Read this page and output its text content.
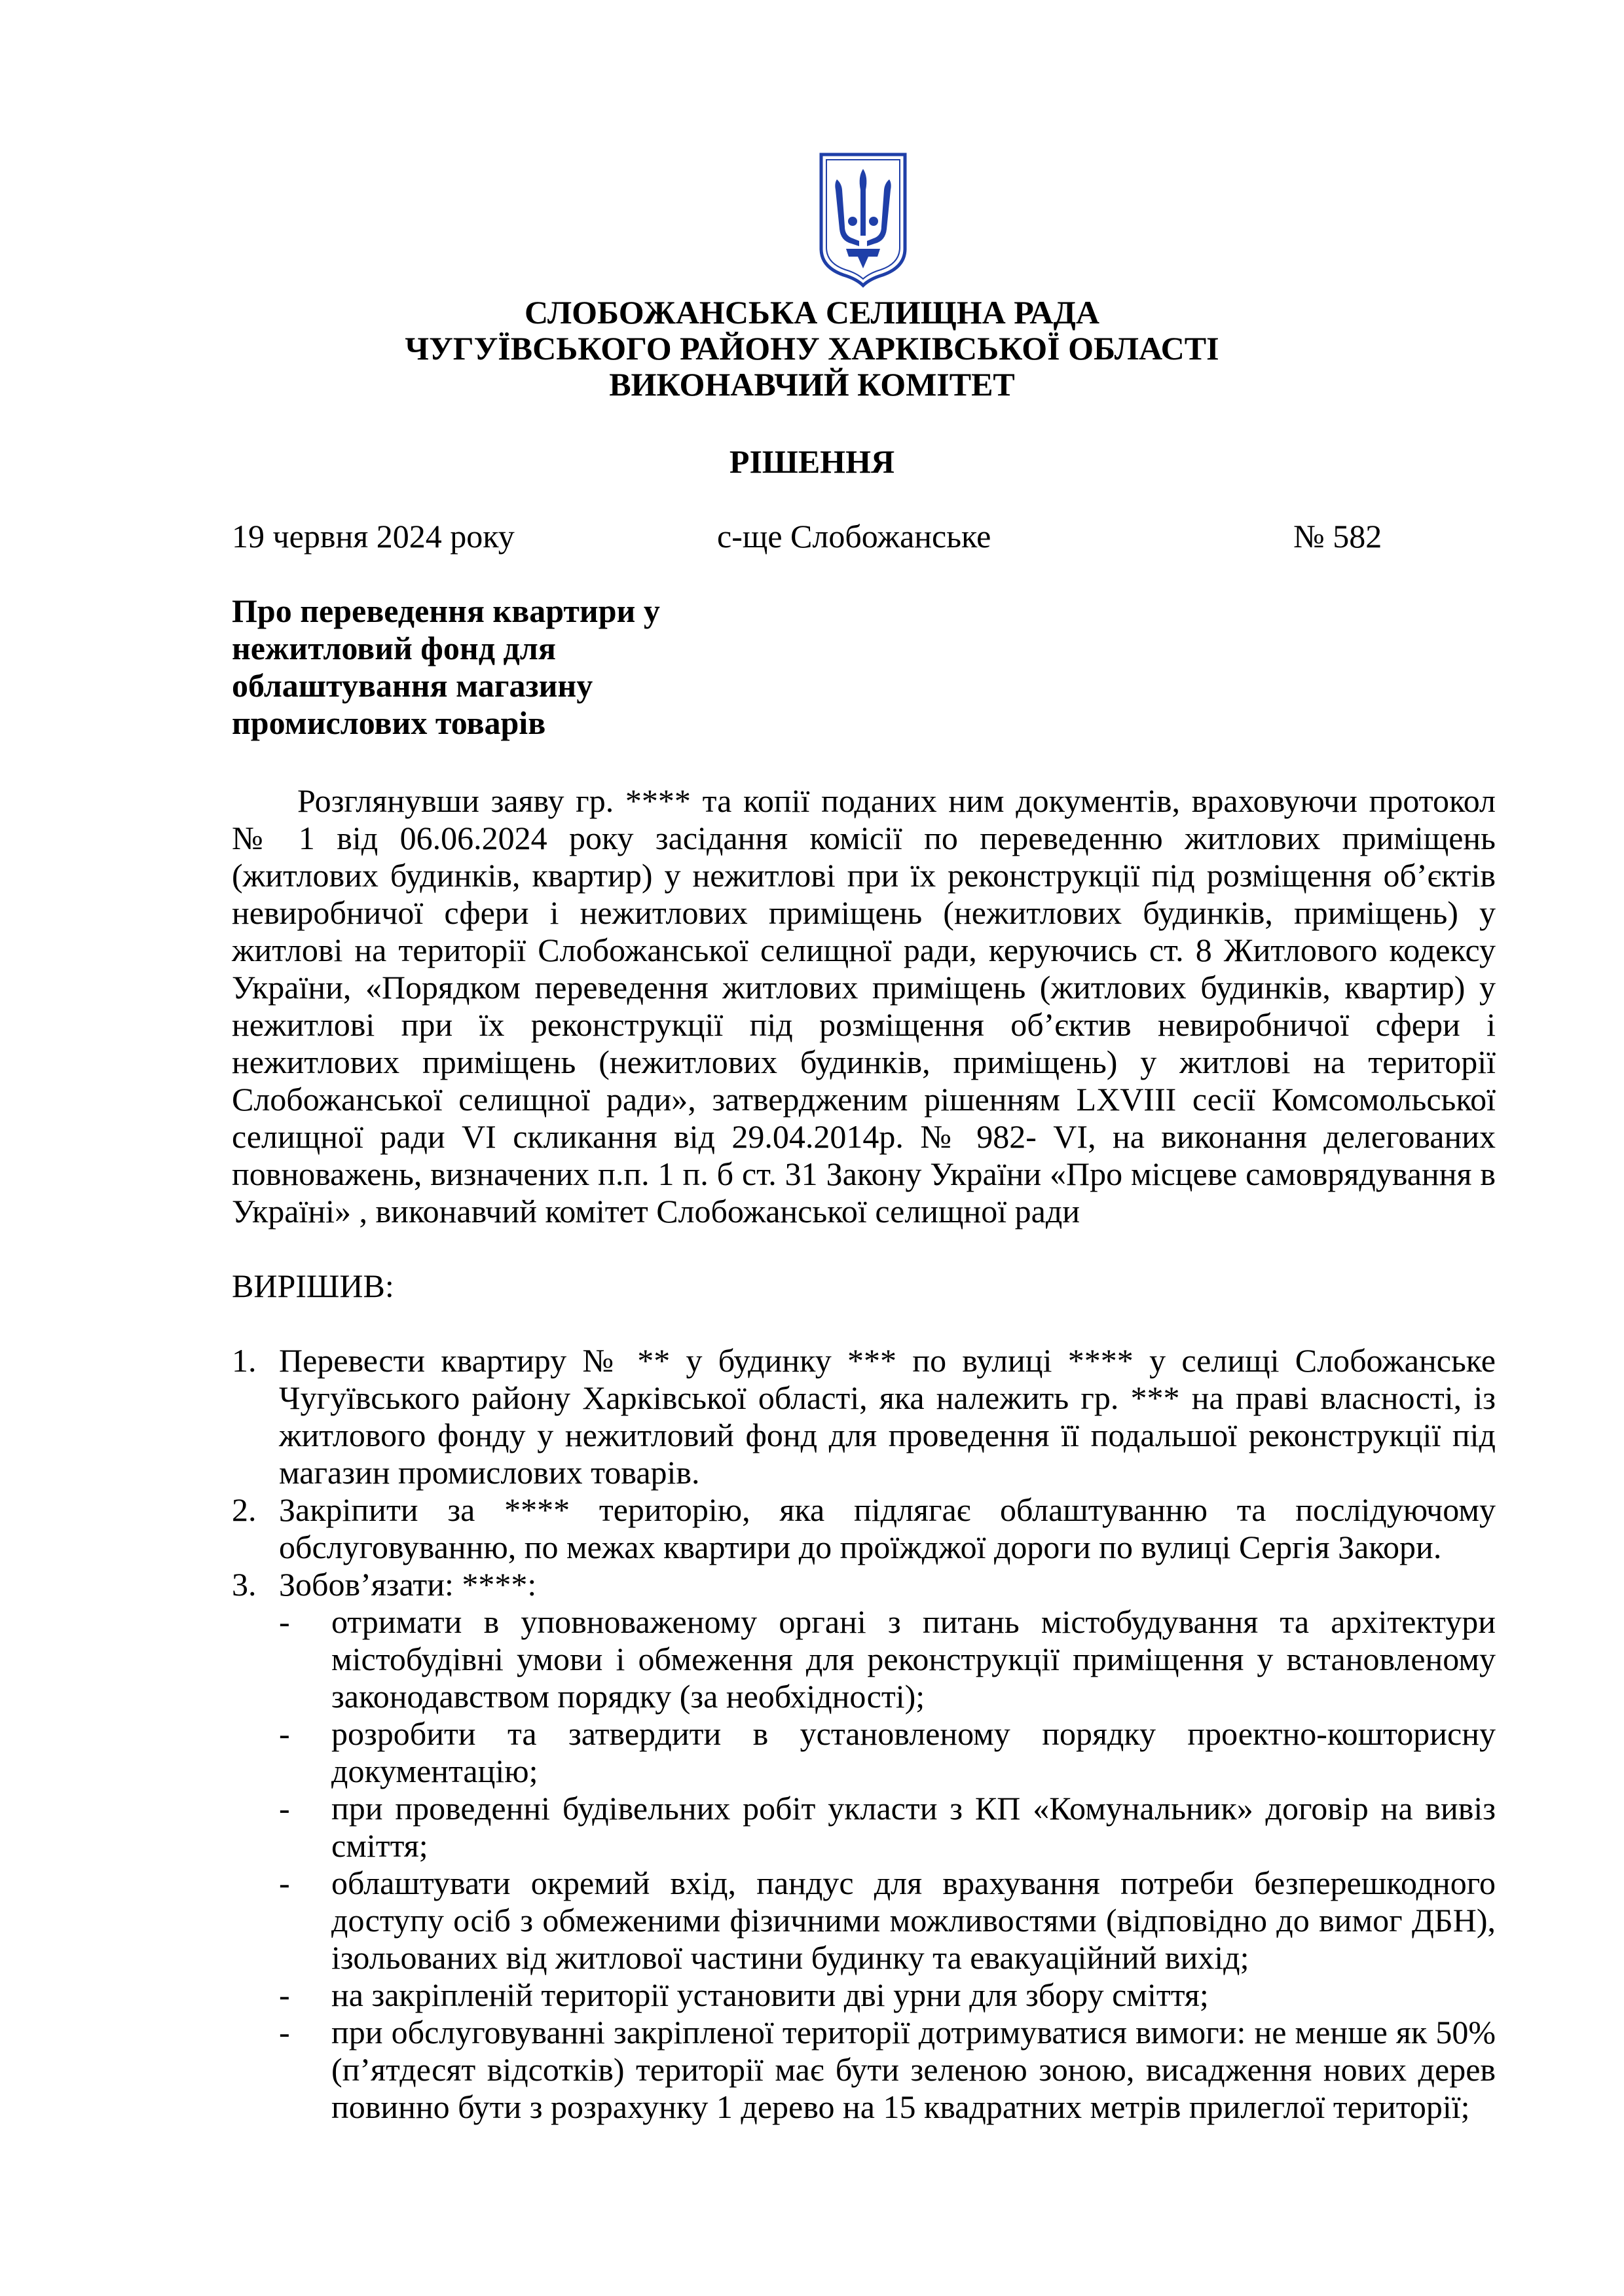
СЛОБОЖАНСЬКА СЕЛИЩНА РАДА
ЧУГУЇВСЬКОГО РАЙОНУ ХАРКІВСЬКОЇ ОБЛАСТІ
ВИКОНАВЧИЙ КОМІТЕТ
РІШЕННЯ
19 червня 2024 року	с-ще Слобожанське	№ 582
Про переведення квартири у нежитловий фонд для облаштування магазину промислових товарів
Розглянувши заяву гр. **** та копії поданих ним документів, враховуючи протокол № 1 від 06.06.2024 року засідання комісії по переведенню житлових приміщень (житлових будинків, квартир) у нежитлові при їх реконструкції під розміщення об’єктів невиробничої сфери і нежитлових приміщень (нежитлових будинків, приміщень) у житлові на території Слобожанської селищної ради, керуючись ст. 8 Житлового кодексу України, «Порядком переведення житлових приміщень (житлових будинків, квартир) у нежитлові при їх реконструкції під розміщення об’єктив невиробничої сфери і нежитлових приміщень (нежитлових будинків, приміщень) у житлові на території Слобожанської селищної ради», затвердженим рішенням LXVIII сесії Комсомольської селищної ради VI скликання від 29.04.2014р. № 982- VI, на виконання делегованих повноважень, визначених п.п. 1 п. б ст. 31 Закону України «Про місцеве самоврядування в Україні» , виконавчий комітет Слобожанської селищної ради
ВИРІШИВ:
1. Перевести квартиру № ** у будинку *** по вулиці **** у селищі Слобожанське Чугуївського району Харківської області, яка належить гр. *** на праві власності, із житлового фонду у нежитловий фонд для проведення її подальшої реконструкції під магазин промислових товарів.
2. Закріпити за **** територію, яка підлягає облаштуванню та послідуючому обслуговуванню, по межах квартири до проїжджої дороги по вулиці Сергія Закори.
3. Зобов’язати: ****:
-	отримати в уповноваженому органі з питань містобудування та архітектури містобудівні умови і обмеження для реконструкції приміщення у встановленому законодавством порядку (за необхідності);
-	розробити та затвердити в установленому порядку проектно-кошторисну документацію;
-	при проведенні будівельних робіт укласти з КП «Комунальник» договір на вивіз сміття;
-	облаштувати окремий вхід, пандус для врахування потреби безперешкодного доступу осіб з обмеженими фізичними можливостями (відповідно до вимог ДБН), ізольованих від житлової частини будинку та евакуаційний вихід;
-	на закріпленій території установити дві урни для збору сміття;
-	при обслуговуванні закріпленої території дотримуватися вимоги: не менше як 50% (п’ятдесят відсотків) території має бути зеленою зоною, висадження нових дерев повинно бути з розрахунку 1 дерево на 15 квадратних метрів прилеглої території;
